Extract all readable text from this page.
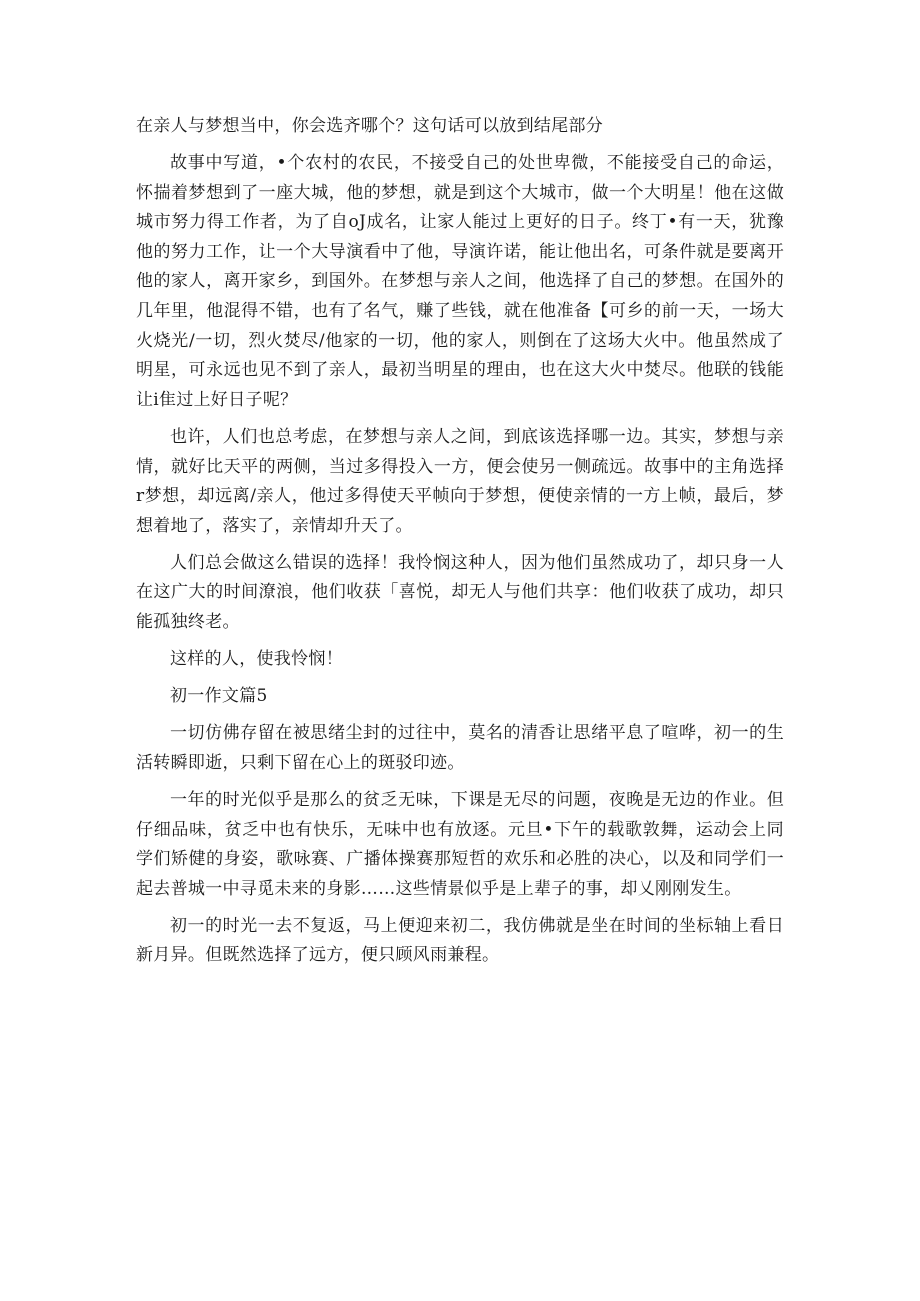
在亲人与梦想当中，你会选齐哪个？这句话可以放到结尾部分

故事中写道，•个农村的农民，不接受自己的处世卑微，不能接受自己的命运，怀揣着梦想到了一座大城，他的梦想，就是到这个大城市，做一个大明星！他在这做城市努力得工作者，为了自oJ成名，让家人能过上更好的日子。终丁•有一天，犹豫他的努力工作，让一个大导演看中了他，导演许诺，能让他出名，可条件就是要离开他的家人，离开家乡，到国外。在梦想与亲人之间，他选择了自己的梦想。在国外的几年里，他混得不错，也有了名气，赚了些钱，就在他准备【可乡的前一天，一场大火烧光/一切，烈火焚尽/他家的一切，他的家人，则倒在了这场大火中。他虽然成了明星，可永远也见不到了亲人，最初当明星的理由，也在这大火中焚尽。他联的钱能让i隹过上好日子呢？

也许，人们也总考虑，在梦想与亲人之间，到底该选择哪一边。其实，梦想与亲情，就好比天平的两侧，当过多得投入一方，便会使另一侧疏远。故事中的主角选择r梦想，却远离/亲人，他过多得使天平帧向于梦想，便使亲情的一方上帧，最后，梦想着地了，落实了，亲情却升天了。

人们总会做这么错误的选择！我怜悯这种人，因为他们虽然成功了，却只身一人在这广大的时间潦浪，他们收获「喜悦，却无人与他们共享：他们收获了成功，却只能孤独终老。

这样的人，使我怜悯！

初一作文篇5

一切仿佛存留在被思绪尘封的过往中，莫名的清香让思绪平息了喧哗，初一的生活转瞬即逝，只剩下留在心上的斑驳印迹。

一年的时光似乎是那么的贫乏无味，下课是无尽的问题，夜晚是无边的作业。但仔细品味，贫乏中也有快乐，无味中也有放逐。元旦•下午的载歌敦舞，运动会上同学们矫健的身姿，歌咏赛、广播体操赛那短哲的欢乐和必胜的决心，以及和同学们一起去普城一中寻觅未来的身影……这些情景似乎是上辈子的事，却乂刚刚发生。

初一的时光一去不复返，马上便迎来初二，我仿佛就是坐在时间的坐标轴上看日新月异。但既然选择了远方，便只顾风雨兼程。
